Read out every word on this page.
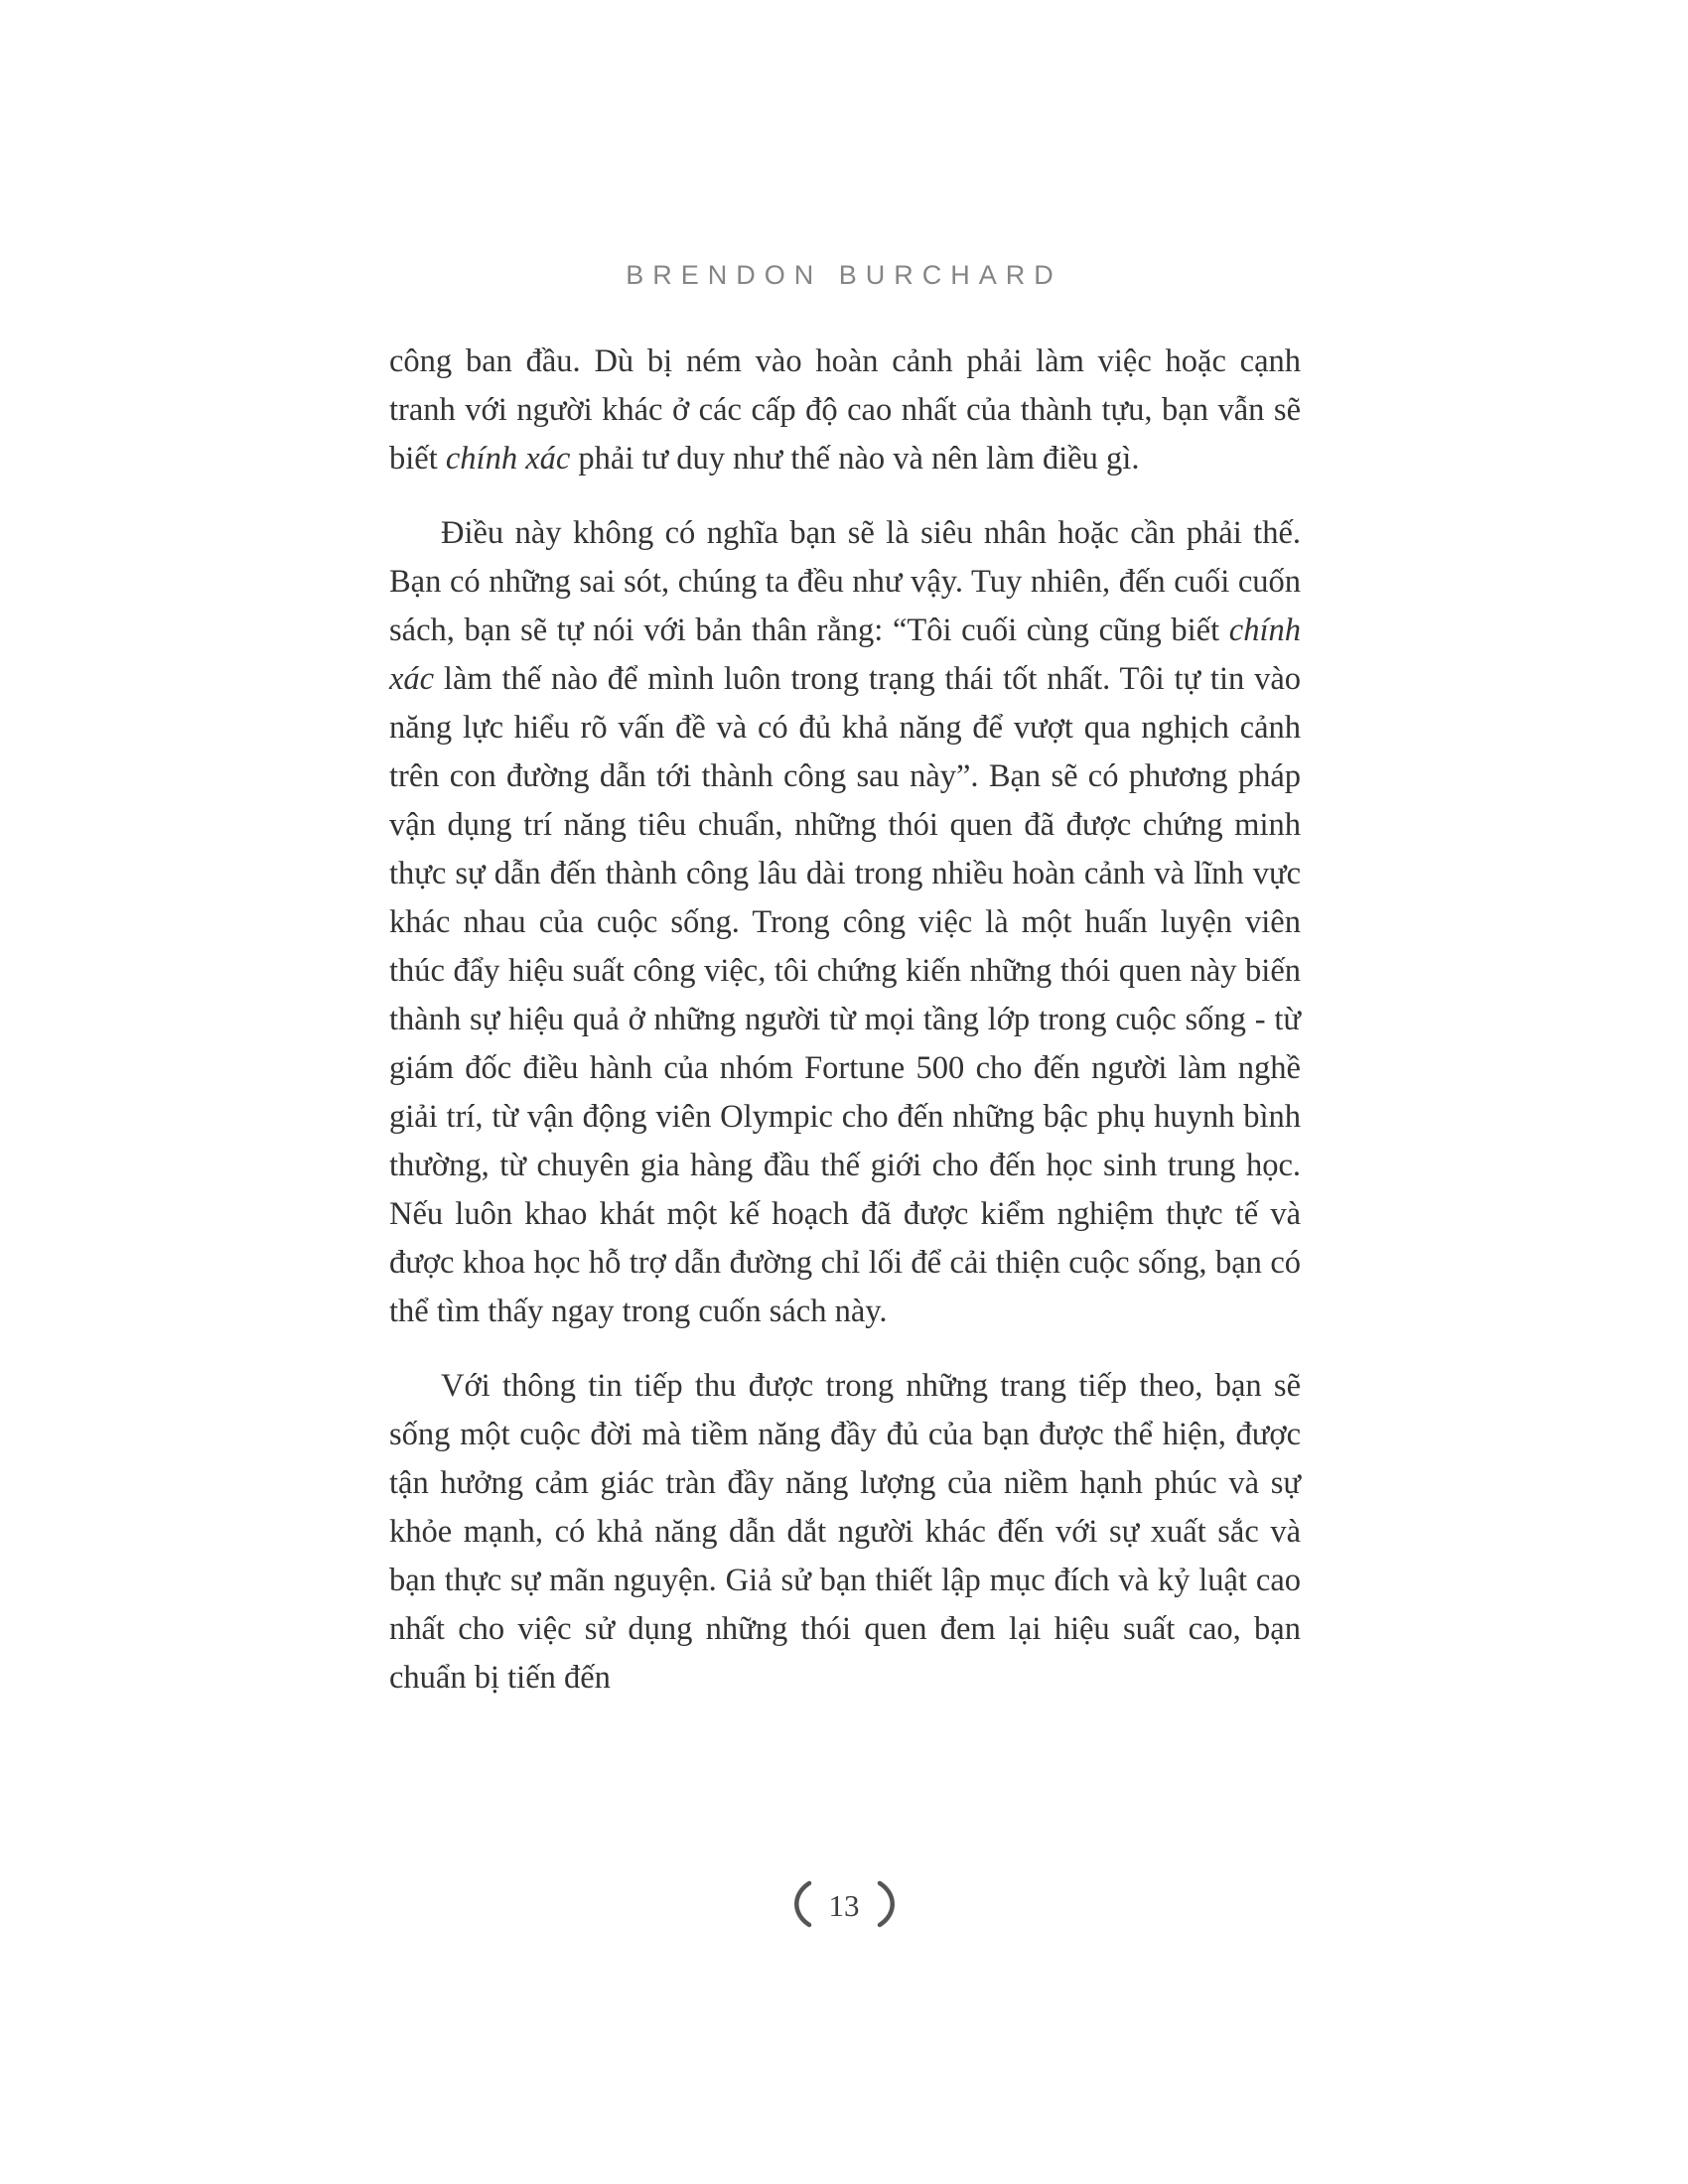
BRENDON BURCHARD

công ban đầu. Dù bị ném vào hoàn cảnh phải làm việc hoặc cạnh tranh với người khác ở các cấp độ cao nhất của thành tựu, bạn vẫn sẽ biết chính xác phải tư duy như thế nào và nên làm điều gì.

Điều này không có nghĩa bạn sẽ là siêu nhân hoặc cần phải thế. Bạn có những sai sót, chúng ta đều như vậy. Tuy nhiên, đến cuối cuốn sách, bạn sẽ tự nói với bản thân rằng: “Tôi cuối cùng cũng biết chính xác làm thế nào để mình luôn trong trạng thái tốt nhất. Tôi tự tin vào năng lực hiểu rõ vấn đề và có đủ khả năng để vượt qua nghịch cảnh trên con đường dẫn tới thành công sau này”. Bạn sẽ có phương pháp vận dụng trí năng tiêu chuẩn, những thói quen đã được chứng minh thực sự dẫn đến thành công lâu dài trong nhiều hoàn cảnh và lĩnh vực khác nhau của cuộc sống. Trong công việc là một huấn luyện viên thúc đẩy hiệu suất công việc, tôi chứng kiến những thói quen này biến thành sự hiệu quả ở những người từ mọi tầng lớp trong cuộc sống - từ giám đốc điều hành của nhóm Fortune 500 cho đến người làm nghề giải trí, từ vận động viên Olympic cho đến những bậc phụ huynh bình thường, từ chuyên gia hàng đầu thế giới cho đến học sinh trung học. Nếu luôn khao khát một kế hoạch đã được kiểm nghiệm thực tế và được khoa học hỗ trợ dẫn đường chỉ lối để cải thiện cuộc sống, bạn có thể tìm thấy ngay trong cuốn sách này.

Với thông tin tiếp thu được trong những trang tiếp theo, bạn sẽ sống một cuộc đời mà tiềm năng đầy đủ của bạn được thể hiện, được tận hưởng cảm giác tràn đầy năng lượng của niềm hạnh phúc và sự khỏe mạnh, có khả năng dẫn dắt người khác đến với sự xuất sắc và bạn thực sự mãn nguyện. Giả sử bạn thiết lập mục đích và kỷ luật cao nhất cho việc sử dụng những thói quen đem lại hiệu suất cao, bạn chuẩn bị tiến đến

13
